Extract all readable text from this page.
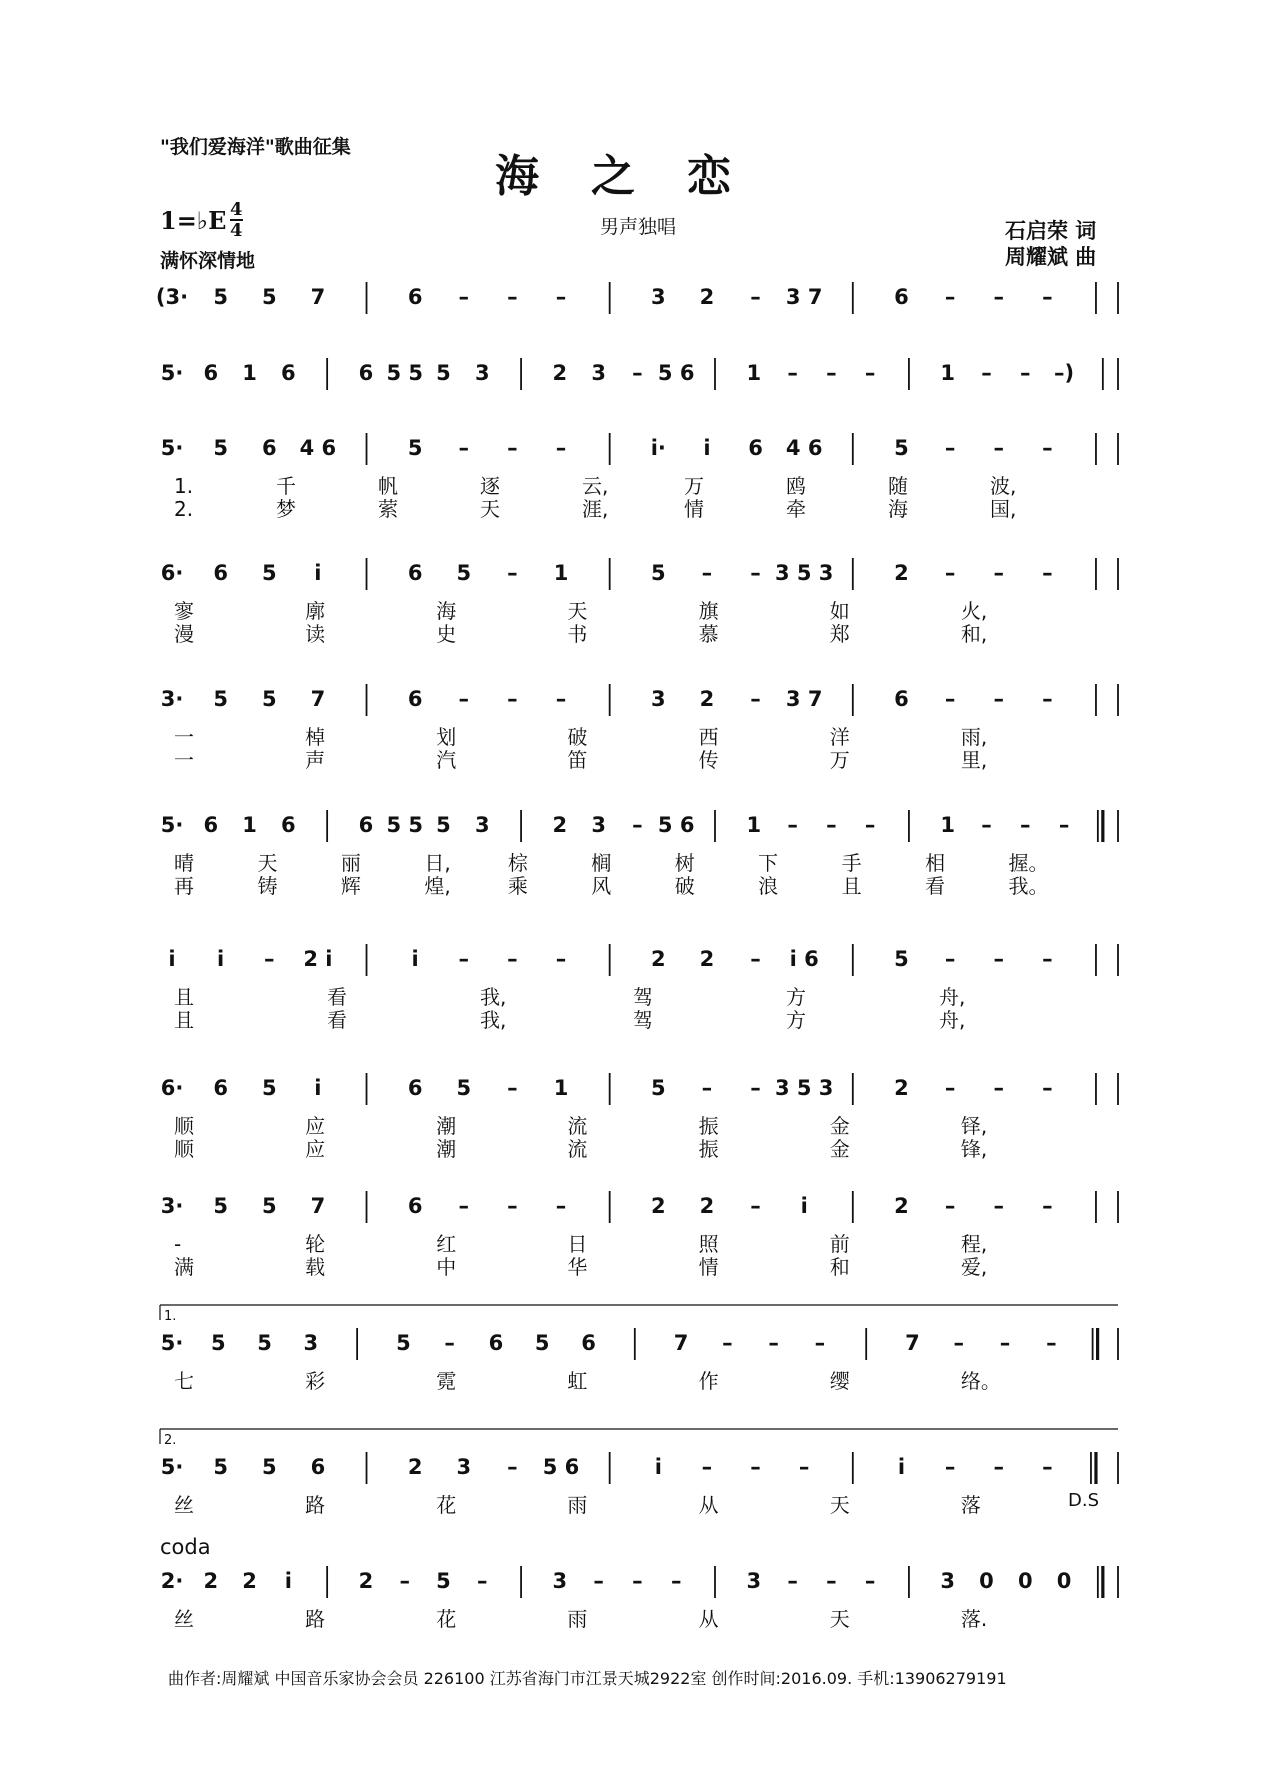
"我们爱海洋"歌曲征集
海之恋
1=♭E 4
4	男声独唱
满怀深情地
石启荣 词
周耀斌 曲
(3· 5 5 7	6 – – –	3 2 – 3 7	6 – – –
5· 6 1 6	6 5 5 5 3	2 3 – 5 6 1 – – –	1 – – –)
5· 5 6 4 6	5 – – –	i· i 6 4 6	5 – – –
1.	千	帆	逐	云,	万	鸥	随	波,
2.	梦	萦	天	涯,	情	牵	海	国,
6· 6 5 i	6 5 – 1	5 – – 3 5 3	2 – – –
寥	廓	海	天	旗	如	火,
漫	读	史	书	慕	郑	和,
3· 5 5 7	6 – – –	3 2 – 3 7	6 – – –
一	棹	划	破	西	洋	雨,
一	声	汽	笛	传	万	里,
5· 6 1 6	6 5 5 5 3	2 3 – 5 6 1 – – –	1 – – –
晴	天	丽	日,	棕	榈	树	下	手	相	握。
再	铸	辉	煌,	乘	风	破	浪	且	看	我。
i i – 2 i	i – – –	2 2 – i 6	5 – – –
且	看	我,	驾	方	舟,
且	看	我,	驾	方	舟,
6· 6 5 i	6 5 – 1	5 – – 3 5 3	2 – – –
顺	应	潮	流	振	金	铎,
顺	应	潮	流	振	金	锋,
3· 5 5 7	6 – – –	2 2 – i	2 – – –
-	轮	红	日	照	前	程,
满	载	中	华	情	和	爱,
5· 5 5 3	5 – 6 5 6	7 – – –	7 – – –
七	彩	霓	虹	作	缨	络。
1.
5· 5 5 6	2 3 – 5 6	i – – –	i – – –
丝	路	花	雨	从	天	落
2.
D.S
2· 2 2 i	2 – 5 –	3 – – –	3 – – –	3 0 0 0
丝	路	花	雨	从	天	落.
coda
曲作者:周耀斌 中国音乐家协会会员 226100 江苏省海门市江景天城2922室 创作时间:2016.09. 手机:13906279191
